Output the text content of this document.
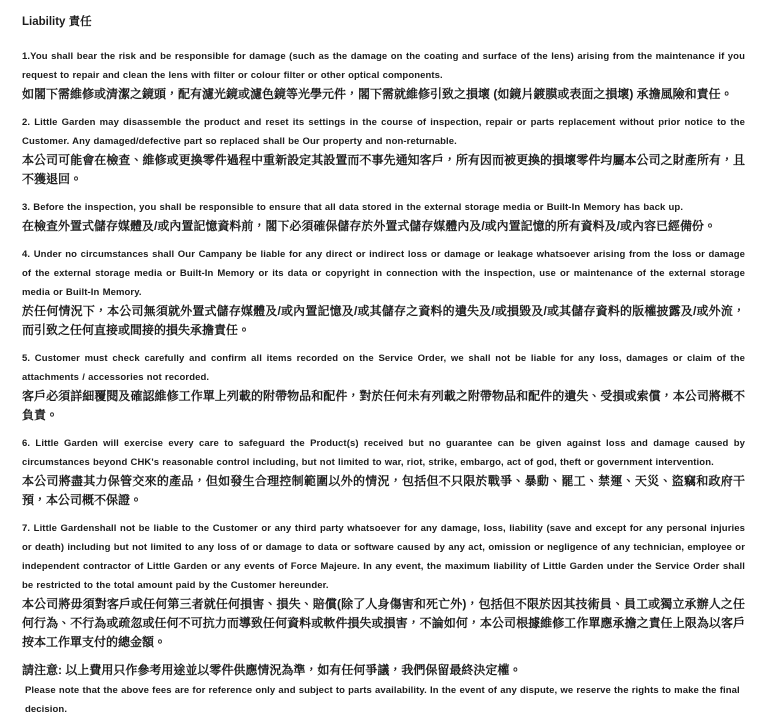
Liability 責任
1.You shall bear the risk and be responsible for damage (such as the damage on the coating and surface of the lens) arising from the maintenance if you request to repair and clean the lens with filter or colour filter or other optical components.
如閣下需維修或清潔之鏡頭，配有濾光鏡或濾色鏡等光學元件，閣下需就維修引致之損壞 (如鏡片鍍膜或表面之損壞) 承擔風險和責任。
2. Little Garden may disassemble the product and reset its settings in the course of inspection, repair or parts replacement without prior notice to the Customer. Any damaged/defective part so replaced shall be Our property and non-returnable.
本公司可能會在檢查、維修或更換零件過程中重新設定其設置而不事先通知客戶，所有因而被更換的損壞零件均屬本公司之財產所有，且不獲退回。
3. Before the inspection, you shall be responsible to ensure that all data stored in the external storage media or Built-In Memory has back up.
在檢查外置式儲存媒體及/或內置記憶資料前，閣下必須確保儲存於外置式儲存媒體內及/或內置記憶的所有資料及/或內容已經備份。
4. Under no circumstances shall Our Campany be liable for any direct or indirect loss or damage or leakage whatsoever arising from the loss or damage of the external storage media or Built-In Memory or its data or copyright in connection with the inspection, use or maintenance of the external storage media or Built-In Memory.
於任何情況下，本公司無須就外置式儲存媒體及/或內置記憶及/或其儲存之資料的遺失及/或損毀及/或其儲存資料的版權披露及/或外流，而引致之任何直接或間接的損失承擔責任。
5. Customer must check carefully and confirm all items recorded on the Service Order, we shall not be liable for any loss, damages or claim of the attachments / accessories not recorded.
客戶必須詳細覆閱及確認維修工作單上列載的附帶物品和配件，對於任何未有列載之附帶物品和配件的遺失、受損或索償，本公司將概不負責。
6. Little Garden will exercise every care to safeguard the Product(s) received but no guarantee can be given against loss and damage caused by circumstances beyond CHK's reasonable control including, but not limited to war, riot, strike, embargo, act of god, theft or government intervention.
本公司將盡其力保管交來的產品，但如發生合理控制範圍以外的情況，包括但不只限於戰爭、暴動、罷工、禁運、天災、盜竊和政府干預，本公司概不保證。
7. Little Gardenshall not be liable to the Customer or any third party whatsoever for any damage, loss, liability (save and except for any personal injuries or death) including but not limited to any loss of or damage to data or software caused by any act, omission or negligence of any technician, employee or independent contractor of Little Garden or any events of Force Majeure. In any event, the maximum liability of Little Garden under the Service Order shall be restricted to the total amount paid by the Customer hereunder.
本公司將毋須對客戶或任何第三者就任何損害、損失、賠償(除了人身傷害和死亡外)，包括但不限於因其技術員、員工或獨立承辦人之任何行為、不行為或疏忽或任何不可抗力而導致任何資料或軟件損失或損害，不論如何，本公司根據維修工作單應承擔之責任上限為以客戶按本工作單支付的總金額。
請注意: 以上費用只作參考用途並以零件供應情況為準，如有任何爭議，我們保留最終決定權。
Please note that the above fees are for reference only and subject to parts availability. In the event of any dispute, we reserve the rights to make the final decision.
